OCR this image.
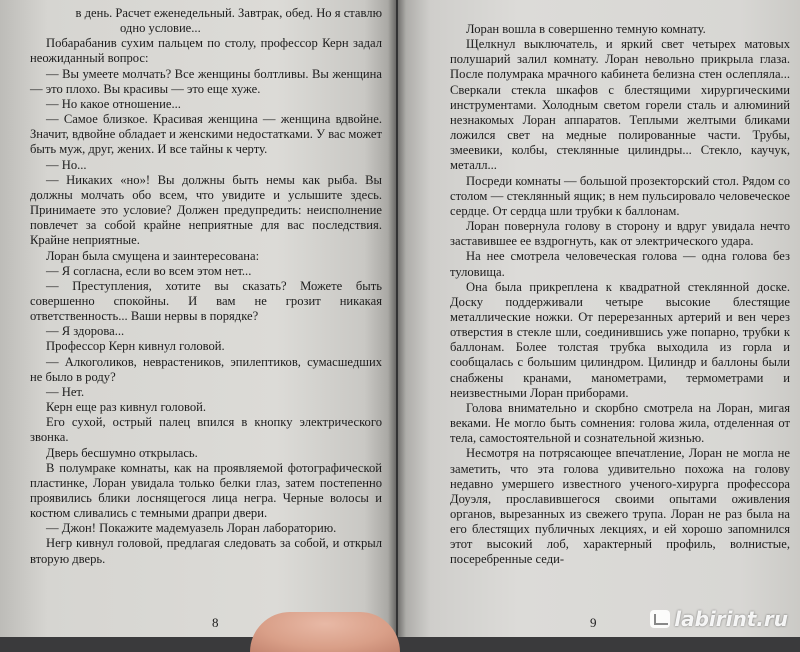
в день. Расчет еженедельный. Завтрак, обед. Но я ставлю

одно условие...

Побарабанив сухим пальцем по столу, профессор Керн задал неожиданный вопрос:

— Вы умеете молчать? Все женщины болтливы. Вы женщина — это плохо. Вы красивы — это еще хуже.

— Но какое отношение...

— Самое близкое. Красивая женщина — женщина вдвойне. Значит, вдвойне обладает и женскими недостатками. У вас может быть муж, друг, жених. И все тайны к черту.

— Но...

— Никаких «но»! Вы должны быть немы как рыба. Вы должны молчать обо всем, что увидите и услышите здесь. Принимаете это условие? Должен предупредить: неисполнение повлечет за собой крайне неприятные для вас последствия. Крайне неприятные.

Лоран была смущена и заинтересована:

— Я согласна, если во всем этом нет...

— Преступления, хотите вы сказать? Можете быть совершенно спокойны. И вам не грозит никакая ответственность... Ваши нервы в порядке?

— Я здорова...

Профессор Керн кивнул головой.

— Алкоголиков, неврастеников, эпилептиков, сумасшедших не было в роду?

— Нет.

Керн еще раз кивнул головой.

Его сухой, острый палец впился в кнопку электрического звонка.

Дверь бесшумно открылась.

В полумраке комнаты, как на проявляемой фотографической пластинке, Лоран увидала только белки глаз, затем постепенно проявились блики лоснящегося лица негра. Черные волосы и костюм сливались с темными драпри двери.

— Джон! Покажите мадемуазель Лоран лабораторию.

Негр кивнул головой, предлагая следовать за собой, и открыл вторую дверь.

Лоран вошла в совершенно темную комнату.

Щелкнул выключатель, и яркий свет четырех матовых полушарий залил комнату. Лоран невольно прикрыла глаза. После полумрака мрачного кабинета белизна стен ослепляла... Сверкали стекла шкафов с блестящими хирургическими инструментами. Холодным светом горели сталь и алюминий незнакомых Лоран аппаратов. Теплыми желтыми бликами ложился свет на медные полированные части. Трубы, змеевики, колбы, стеклянные цилиндры... Стекло, каучук, металл...

Посреди комнаты — большой прозекторский стол. Рядом со столом — стеклянный ящик; в нем пульсировало человеческое сердце. От сердца шли трубки к баллонам.

Лоран повернула голову в сторону и вдруг увидала нечто заставившее ее вздрогнуть, как от электрического удара.

На нее смотрела человеческая голова — одна голова без туловища.

Она была прикреплена к квадратной стеклянной доске. Доску поддерживали четыре высокие блестящие металлические ножки. От перерезанных артерий и вен через отверстия в стекле шли, соединившись уже попарно, трубки к баллонам. Более толстая трубка выходила из горла и сообщалась с большим цилиндром. Цилиндр и баллоны были снабжены кранами, манометрами, термометрами и неизвестными Лоран приборами.

Голова внимательно и скорбно смотрела на Лоран, мигая веками. Не могло быть сомнения: голова жила, отделенная от тела, самостоятельной и сознательной жизнью.

Несмотря на потрясающее впечатление, Лоран не могла не заметить, что эта голова удивительно похожа на голову недавно умершего известного ученого-хирурга профессора Доуэля, прославившегося своими опытами оживления органов, вырезанных из свежего трупа. Лоран не раз была на его блестящих публичных лекциях, и ей хорошо запомнился этот высокий лоб, характерный профиль, волнистые, посеребренные седи-

8	9	labirint.ru
